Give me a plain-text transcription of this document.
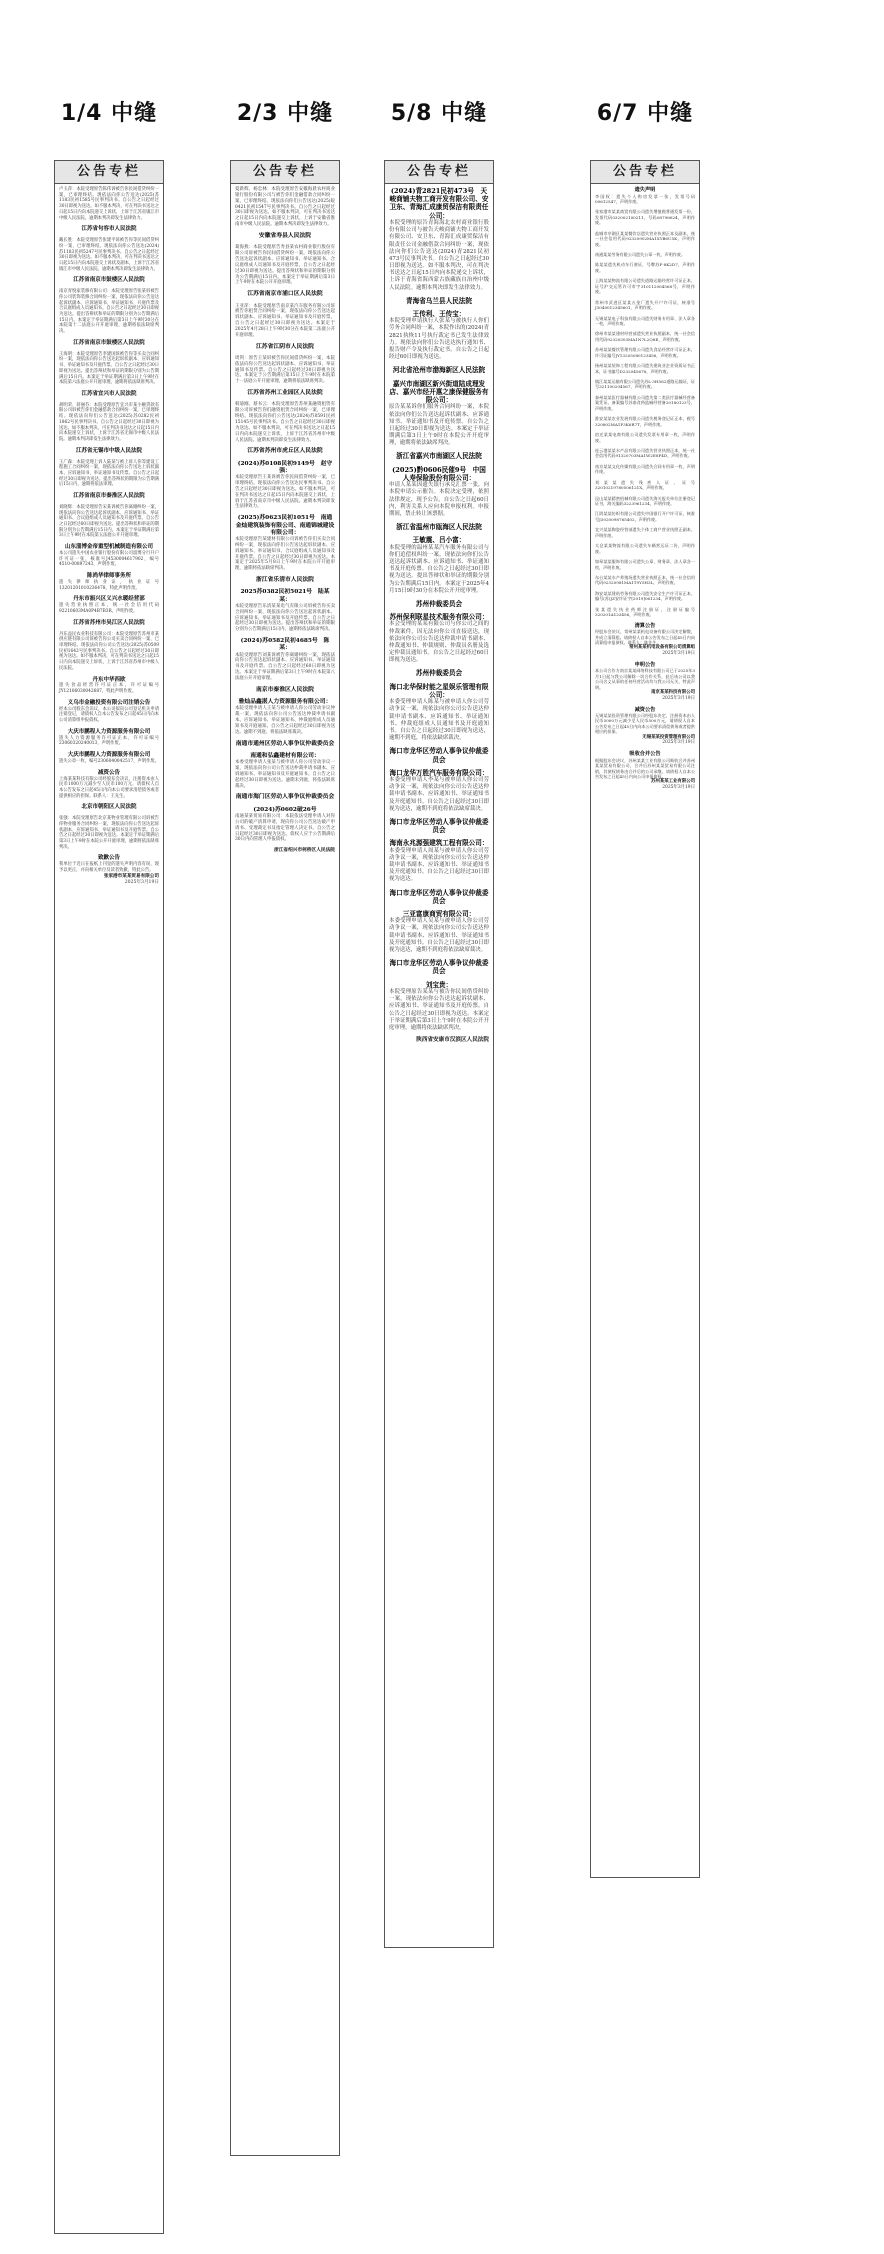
1/4 中缝	2/3 中缝	5/8 中缝	6/7 中缝
公告专栏

卢玉萍：本院受理原告陈伟诉被告你民间借贷纠纷一案，已审理终结。现依法向你公告送达(2025)苏1183民初1585号民事判决书。自公告之日起经过30日即视为送达。如不服本判决，可在判决书送达之日起15日内向本院递交上诉状，上诉于江苏省镇江市中级人民法院。逾期本判决即发生法律效力。

江苏省句容市人民法院

戴长胜：本院受理原告张建平诉被告你等民间借贷纠纷一案，已审理终结。现依法向你公告送达(2024)苏1183民初5247号民事判决书。自公告之日起经过30日即视为送达。如不服本判决，可在判决书送达之日起15日内向本院递交上诉状及副本，上诉于江苏省镇江市中级人民法院。逾期本判决即发生法律效力。

江苏省南京市鼓楼区人民法院

南京青悦家装修有限公司：本院受理原告张某诉被告你公司装饰装修合同纠纷一案，现依法向你公告送达起诉状副本、应诉通知书、举证通知书、开庭传票及合议庭组成人员通知书。自公告之日起经过30日即视为送达。提出答辩状和举证的期限分别为公告期满后15日内。本案定于举证期满后第3日上午9时30分在本院第十二法庭公开开庭审理，逾期将依法缺席判决。

江苏省南京市鼓楼区人民法院

王海明：本院受理原告李建国诉被告你等买卖合同纠纷一案，现依法向你公告送达起诉状副本、应诉通知书、举证通知书及开庭传票。自公告之日起经过30日即视为送达。提出答辩状和举证的期限分别为公告期满后15日内。本案定于举证期满后第3日上午9时在本院第六法庭公开开庭审理，逾期将依法缺席判决。

江苏省宜兴市人民法院

胡明荣、蒋丽芬：本院受理原告宜兴市某小额贷款有限公司诉被告你们金融借款合同纠纷一案，已审理终结。现依法向你们公告送达(2025)苏0282民初1862号民事判决书。自公告之日起经过30日即视为送达。如不服本判决，可在判决书送达之日起15日内向本院递交上诉状，上诉于江苏省无锡市中级人民法院。逾期本判决即发生法律效力。

江苏省无锡市中级人民法院

王广森：本院受理上诉人陆某与被上诉人你等建设工程施工合同纠纷一案，现依法向你公告送达上诉状副本、应诉通知书、举证通知书及传票。自公告之日起经过30日即视为送达。提出答辩状的期限为公告期满后15日内，逾期将依法审理。

江苏省南京市秦淮区人民法院

刘晓辉：本院受理原告宋某诉被告你离婚纠纷一案，现依法向你公告送达起诉状副本、应诉通知书、举证通知书、合议庭组成人员通知书及开庭传票。自公告之日起经过60日即视为送达。提出答辩状和举证的期限分别为公告期满后15日内。本案定于举证期满后第3日上午9时在本院第五法庭公开开庭审理。

山东淄博金帝重型机械制造有限公司

本公司遗失中国农业银行股份有限公司淄博分行开户许可证一张，核准号J4530004617902，编号4510-00897243，声明作废。

陈尚华律师事务所

遗失律师执业证，执业证号13201201010236478，特此声明作废。

丹东市振兴区义兴水暖经营部

遗失营业执照正本，统一社会信用代码92210603MA0P4B7B3R，声明作废。

江苏省苏州市吴江区人民法院

丹东益民农业科技有限公司：本院受理原告苏州市某供应链有限公司诉被告你公司买卖合同纠纷一案，已审理终结。现依法向你公司公告送达(2025)苏0509民初1642号民事判决书。自公告之日起经过30日即视为送达。如不服本判决，可在判决书送达之日起15日内向本院递交上诉状，上诉于江苏省苏州市中级人民法院。

丹东中华西欧

遗失食品经营许可证正本，许可证编号JY12106030042687，特此声明作废。

义乌市金融投资有限公司注销公告

经本公司股东会决议，本公司拟向公司登记机关申请注销登记，请债权人自本公告发布之日起45日内向本公司清算组申报债权。

大庆市鹏程人力资源服务有限公司

遗失人力资源服务许可证正本，许可证编号23060320240013，声明作废。

大庆市鹏程人力资源服务有限公司

遗失公章一枚，编号2306040042517，声明作废。

减资公告

上海某某科技有限公司经股东会决议，注册资本由人民币1000万元减少至人民币100万元，请债权人自本公告发布之日起45日内向本公司要求清偿债务或者提供相应的担保。联系人：王先生。

北京市朝阳区人民法院

张强：本院受理原告北京某物业管理有限公司诉被告你物业服务合同纠纷一案，现依法向你公告送达起诉状副本、应诉通知书、举证通知书及开庭传票。自公告之日起经过30日即视为送达。本案定于举证期满后第3日上午9时在本院公开开庭审理，逾期将依法缺席判决。

致歉公告

我单位于近日在报纸上刊登的遗失声明内容有误，现予以更正，并向相关单位及读者致歉，特此公告。

张家港市某某贸易有限公司
2025年3月19日
公告专栏

夏新辉、杨忠林：本院受理原告安徽海晨农村商业银行股份有限公司与被告你们金融借款合同纠纷一案，已审理终结。现依法向你们公告送达(2025)皖0421民初1547号民事判决书。自公告之日起经过30日即视为送达。如不服本判决，可在判决书送达之日起15日内向本院递交上诉状，上诉于安徽省淮南市中级人民法院。逾期本判决即发生法律效力。

安徽省寿县人民法院

葛海燕：本院受理原告寿县某农村商业银行股份有限公司诉被告你民间借贷纠纷一案，现依法向你公告送达起诉状副本、应诉通知书、举证通知书、合议庭组成人员通知书及开庭传票。自公告之日起经过30日即视为送达。提出答辩状和举证的期限分别为公告期满后15日内。本案定于举证期满后第3日上午9时在本院公开开庭审理。

江苏省南京市浦口区人民法院

王亚萍：本院受理原告南京某汽车服务有限公司诉被告你租赁合同纠纷一案，现依法向你公告送达起诉状副本、应诉通知书、举证通知书及开庭传票。自公告之日起经过30日即视为送达。本案定于2025年4月28日上午9时30分在本院第二法庭公开开庭审理。

江苏省江阴市人民法院

周剑：原告王某诉被告你民间借贷纠纷一案，本院依法向你公告送达起诉状副本、应诉通知书、举证通知书及传票。自公告之日起经过30日即视为送达。本案定于公告期满后第15日上午9时在本院第十一法庭公开开庭审理，逾期将依法缺席判决。

江苏省苏州工业园区人民法院

韩迪刚、蔡书云：本院受理原告苏州某融资租赁有限公司诉被告你们融资租赁合同纠纷一案，已审理终结。现依法向你们公告送达(2024)苏0591民初15145号民事判决书。自公告之日起经过30日即视为送达。如不服本判决，可在判决书送达之日起15日内向本院递交上诉状，上诉于江苏省苏州市中级人民法院。逾期本判决即发生法律效力。

江苏省苏州市虎丘区人民法院
(2024)苏0108民初9149号　赵守强：

本院受理原告王某诉被告你民间借贷纠纷一案，已审理终结。现依法向你公告送达民事判决书。自公告之日起经过30日即视为送达。如不服本判决，可在判决书送达之日起15日内向本院递交上诉状，上诉于江苏省南京市中级人民法院。逾期本判决即发生法律效力。

(2025)苏0623民初1051号　南通金灿建筑装饰有限公司、南通锦城建设有限公司：

本院受理原告某建材有限公司诉被告你们买卖合同纠纷一案，现依法向你们公告送达起诉状副本、应诉通知书、举证通知书、合议庭组成人员通知书及开庭传票。自公告之日起经过30日即视为送达。本案定于2025年5月8日上午9时在本院公开开庭审理，逾期将依法缺席判决。

浙江省乐清市人民法院
2025苏0382民初5021号　陆某某：

本院受理原告乐清某某电气有限公司诉被告你买卖合同纠纷一案，现依法向你公告送达起诉状副本、应诉通知书、举证通知书及开庭传票。自公告之日起经过30日即视为送达。提出答辩状和举证的期限分别为公告期满后15日内，逾期将依法缺席判决。

(2024)苏0582民初4685号　陈某：

本院受理原告刘某诉被告你离婚纠纷一案，现依法向你公告送达起诉状副本、应诉通知书、举证通知书及开庭传票。自公告之日起经过60日即视为送达。本案定于举证期满后第3日上午9时在本院第八法庭公开开庭审理。

南京市秦淮区人民法院
雅灿品鑫湛人力资源服务有限公司：

本院受理申请人王某与被申请人你公司劳动争议仲裁一案，现依法向你公司公告送达仲裁申请书副本、应诉通知书、举证通知书、仲裁庭组成人员通知书及开庭通知。自公告之日起经过30日即视为送达。逾期不到庭，将依法缺席裁决。

南通市通州区劳动人事争议仲裁委员会
南通和弘鑫建材有限公司：

本委受理申请人张某与被申请人你公司劳动争议一案，现依法向你公司公告送达仲裁申请书副本、应诉通知书、举证通知书及开庭通知书。自公告之日起经过30日即视为送达。逾期未到庭，将依法缺席裁决。

南通市海门区劳动人事争议仲裁委员会
(2024)苏0602破26号

南通某某贸易有限公司：本院依法受理申请人对你公司的破产清算申请，现向你公司公告送达破产申请书、受理裁定书及指定管理人决定书。自公告之日起经过30日即视为送达。债权人应于公告期满后30日内向管理人申报债权。

浙江省绍兴市柯桥区人民法院
公告专栏
(2024)青2821民初473号　天峻商铺夫物工商开发有限公司、安卫东、青海汇成康贸保洁有限责任公司：

本院受理的原告青海海北农村商业银行股份有限公司与被告天峻商铺夫物工商开发有限公司、安卫东、青海汇成康贸保洁有限责任公司金融借款合同纠纷一案，现依法向你们公告送达(2024)青2821民初473号民事判决书。自公告之日起经过30日即视为送达。如不服本判决，可在判决书送达之日起15日内向本院递交上诉状，上诉于青海省海西蒙古族藏族自治州中级人民法院。逾期本判决即发生法律效力。

青海省乌兰县人民法院
王传利、王传宝：

本院受理申请执行人张某与被执行人你们劳务合同纠纷一案，本院作出的(2024)青2821执恢11号执行裁定书已发生法律效力。现依法向你们公告送达执行通知书、报告财产令及执行裁定书。自公告之日起经过60日即视为送达。

河北省沧州市渤海新区人民法院
嘉兴市南湖区新兴街道陆成理发店、嘉兴市经开惠之康保健服务有限公司：

原告某某诉你们服务合同纠纷一案，本院依法向你们公告送达起诉状副本、应诉通知书、举证通知书及开庭传票。自公告之日起经过30日即视为送达。本案定于举证期满后第3日上午9时在本院公开开庭审理，逾期将依法缺席判决。

浙江省嘉兴市南湖区人民法院
(2025)黔0606民催9号　中国人寿保险股份有限公司：

申请人某某因遗失银行承兑汇票一张，向本院申请公示催告。本院决定受理，依照法律规定，现予公告。自公告之日起60日内，利害关系人应向本院申报权利。申报期间，禁止转让该票据。

浙江省温州市瓯海区人民法院
王敏震、吕小富：

本院受理的温州某某汽车服务有限公司与你们追偿权纠纷一案，现依法向你们公告送达起诉状副本、应诉通知书、举证通知书及开庭传票。自公告之日起经过30日即视为送达。提出答辩状和举证的期限分别为公告期满后15日内。本案定于2025年4月15日9时30分在本院公开开庭审理。

苏州仲裁委员会
苏州保利联星技术服务有限公司：

本会受理的某某有限公司与你公司之间的仲裁案件，因无法向你公司直接送达，现依法向你公司公告送达仲裁申请书副本、仲裁通知书、仲裁规则、仲裁员名册及选定仲裁员通知书。自公告之日起经过60日即视为送达。

苏州仲裁委员会
海口北华保时能之星娱乐管理有限公司：

本委受理申请人陈某与被申请人你公司劳动争议一案，现依法向你公司公告送达仲裁申请书副本、应诉通知书、举证通知书、仲裁庭组成人员通知书及开庭通知书。自公告之日起经过30日即视为送达，逾期不到庭，将依法缺席裁决。

海口市龙华区劳动人事争议仲裁委员会
海口龙华万胜汽车服务有限公司：

本委受理申请人李某与被申请人你公司劳动争议一案，现依法向你公司公告送达仲裁申请书副本、应诉通知书、举证通知书及开庭通知书。自公告之日起经过30日即视为送达，逾期不到庭将依法缺席裁决。

海口市龙华区劳动人事争议仲裁委员会
海南永兆源强建筑工程有限公司：

本委受理申请人周某与被申请人你公司劳动争议一案，现依法向你公司公告送达仲裁申请书副本、应诉通知书、举证通知书及开庭通知书。自公告之日起经过30日即视为送达。

海口市龙华区劳动人事争议仲裁委员会
三亚富康商贸有限公司：

本委受理申请人吴某与被申请人你公司劳动争议一案，现依法向你公司公告送达仲裁申请书副本、应诉通知书、举证通知书及开庭通知书。自公告之日起经过30日即视为送达，逾期不到庭将依法缺席裁决。

海口市龙华区劳动人事争议仲裁委员会
刘宝贵：

本院受理原告某某与被告你民间借贷纠纷一案，现依法向你公告送达起诉状副本、应诉通知书、举证通知书及开庭传票。自公告之日起经过30日即视为送达。本案定于举证期满后第3日上午9时在本院公开开庭审理，逾期将依法缺席判决。

陕西省安康市汉滨区人民法院
公告专栏
遗失声明

李国权：遗失个人购房发票一张，发票号码00612547，声明作废。

张家港市某某商贸有限公司遗失增值税普通发票一份，发票代码032002100211，号码08796624，声明作废。

盐城市亭湖区某某餐饮店遗失营业执照正本及副本，统一社会信用代码92320902MA1XYB6U5K，声明作废。

南通某某劳务有限公司遗失公章一枚，声明作废。

陈某某遗失机动车行驶证，号牌苏F·8K2D7，声明作废。

上海某某物流有限公司遗失道路运输经营许可证正本，证号沪交运管许可市字310112004568号，声明作废。

常州市武进区某某五金厂遗失开户许可证，核准号J3040012345601，声明作废。

无锡某某电子科技有限公司遗失财务专用章、法人章各一枚，声明作废。

徐州市某某建材经营部遗失营业执照副本，统一社会信用代码92320303MA1N7L2Q8E，声明作废。

苏州某某餐饮管理有限公司遗失食品经营许可证正本，许可证编号JY13205080123456，声明作废。

扬州某某装饰工程有限公司遗失建筑业企业资质证书正本，证书编号D232045678，声明作废。

镇江某某运输有限公司遗失苏L·3H582道路运输证，证号321100204567，声明作废。

泰州某某医疗器械有限公司遗失第二类医疗器械经营备案凭证，备案编号苏泰食药监械经营备20180123号，声明作废。

淮安某某农业发展有限公司遗失税务登记证正本，税号320802MA1P3K6R7T，声明作废。

宿迁某某电商有限公司遗失发票专用章一枚，声明作废。

连云港某某水产品有限公司遗失营业执照正本，统一社会信用代码91320703MA1W2E8F4D，声明作废。

南京某某文化传媒有限公司遗失合同专用章一枚，声明作废。

刘某某遗失残疾人证，证号32010219780506121X，声明作废。

昆山某某精密机械有限公司遗失海关报关单位注册登记证书，海关编码3223961234，声明作废。

江阴某某纺织有限公司遗失中国银行开户许可证，核准号J3020098765402，声明作废。

宜兴某某陶瓷经营部遗失个体工商户营业执照正副本，声明作废。

太仓某某物流有限公司遗失车辆营运证二份，声明作废。

如皋某某服饰有限公司遗失公章、财务章、法人章各一枚，声明作废。

东台某某水产养殖场遗失营业执照正本，统一社会信用代码92320981MA1T9Y5H3L，声明作废。

海安某某建筑劳务有限公司遗失安全生产许可证正本，编号(苏)JZ安许证字[2019]061234，声明作废。

张某遗失执业药师注册证，注册证编号320201A123456，声明作废。

清算公告

经股东会决议，常州某某机电设备有限公司决定解散，并成立清算组。请债权人自本公告发布之日起45日内向清算组申报债权。联系人：陈先生。

常州某某机电设备有限公司清算组
2025年3月19日
申明公告

本公司合作方南京某某网络科技有限公司已于2025年3月1日起与我公司解除一切合作关系，此后该公司以我公司名义从事的任何经营活动均与我公司无关，特此声明。

南京某某科技有限公司
2025年3月19日
减资公告

无锡某某投资管理有限公司经股东决定，注册资本由人民币5000万元减少至人民币500万元，请债权人自本公告发布之日起45日内向本公司要求清偿债务或者提供相应的担保。

无锡某某投资管理有限公司
2025年3月19日
吸收合并公告

根据股东会决议，苏州某某工业有限公司吸收合并苏州某某贸易有限公司，合并后苏州某某贸易有限公司注销，其债权债务由合并后的公司承继。请债权人自本公告发布之日起45日内向公司申报债权。

苏州某某工业有限公司
2025年3月19日
